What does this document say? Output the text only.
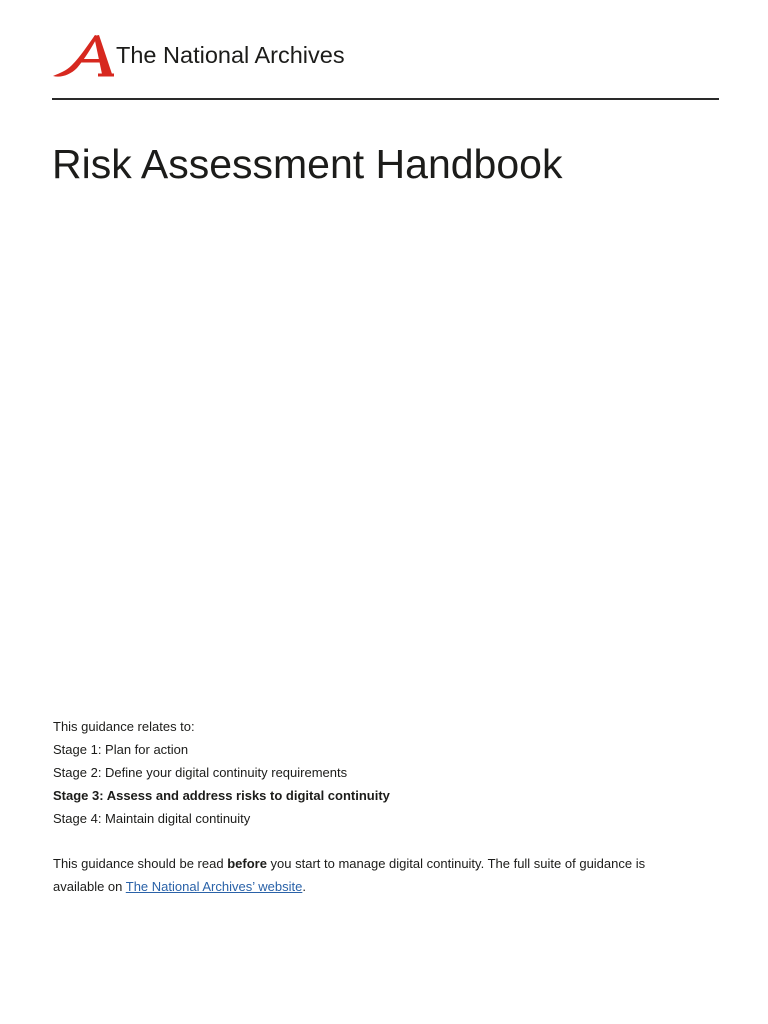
The National Archives
Risk Assessment Handbook
This guidance relates to:
Stage 1: Plan for action
Stage 2: Define your digital continuity requirements
Stage 3: Assess and address risks to digital continuity
Stage 4: Maintain digital continuity
This guidance should be read before you start to manage digital continuity. The full suite of guidance is
available on The National Archives’ website.
